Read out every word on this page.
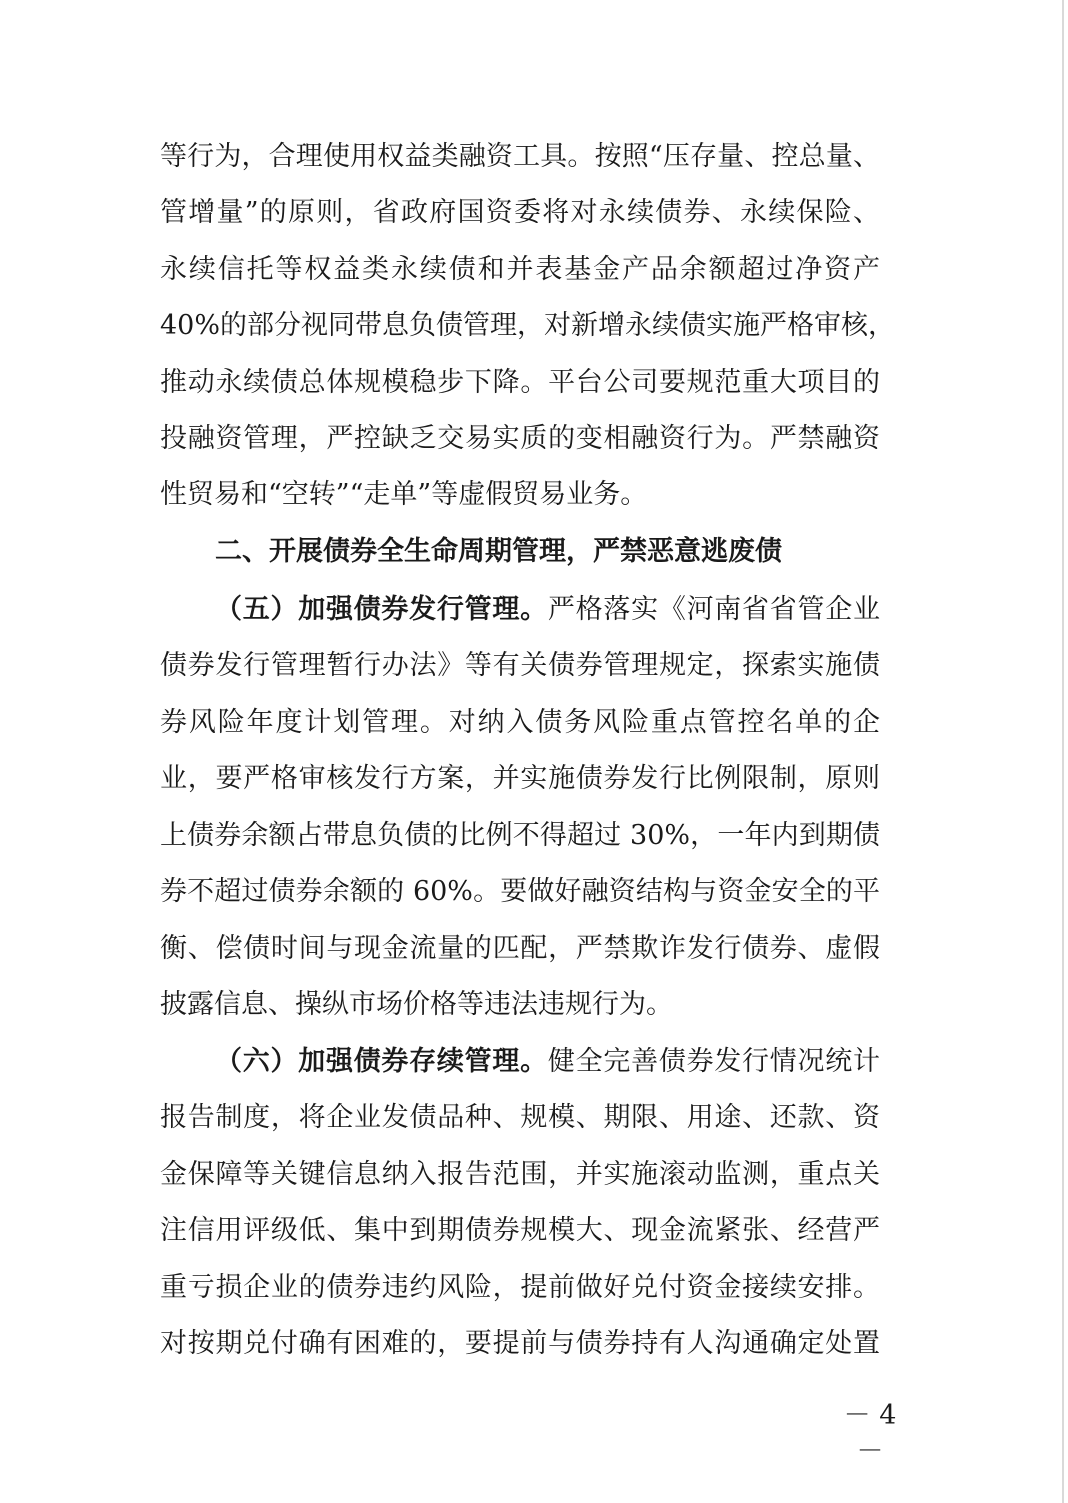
等行为，合理使用权益类融资工具。按照“压存量、控总量、
管增量”的原则，省政府国资委将对永续债券、永续保险、
永续信托等权益类永续债和并表基金产品余额超过净资产
40%的部分视同带息负债管理，对新增永续债实施严格审核，
推动永续债总体规模稳步下降。平台公司要规范重大项目的
投融资管理，严控缺乏交易实质的变相融资行为。严禁融资
性贸易和“空转”“走单”等虚假贸易业务。
二、开展债券全生命周期管理，严禁恶意逃废债
（五）加强债券发行管理。严格落实《河南省省管企业
债券发行管理暂行办法》等有关债券管理规定，探索实施债
券风险年度计划管理。对纳入债务风险重点管控名单的企
业，要严格审核发行方案，并实施债券发行比例限制，原则
上债券余额占带息负债的比例不得超过 30%，一年内到期债
券不超过债券余额的 60%。要做好融资结构与资金安全的平
衡、偿债时间与现金流量的匹配，严禁欺诈发行债券、虚假
披露信息、操纵市场价格等违法违规行为。
（六）加强债券存续管理。健全完善债券发行情况统计
报告制度，将企业发债品种、规模、期限、用途、还款、资
金保障等关键信息纳入报告范围，并实施滚动监测，重点关
注信用评级低、集中到期债券规模大、现金流紧张、经营严
重亏损企业的债券违约风险，提前做好兑付资金接续安排。
对按期兑付确有困难的，要提前与债券持有人沟通确定处置
－ 4 －
